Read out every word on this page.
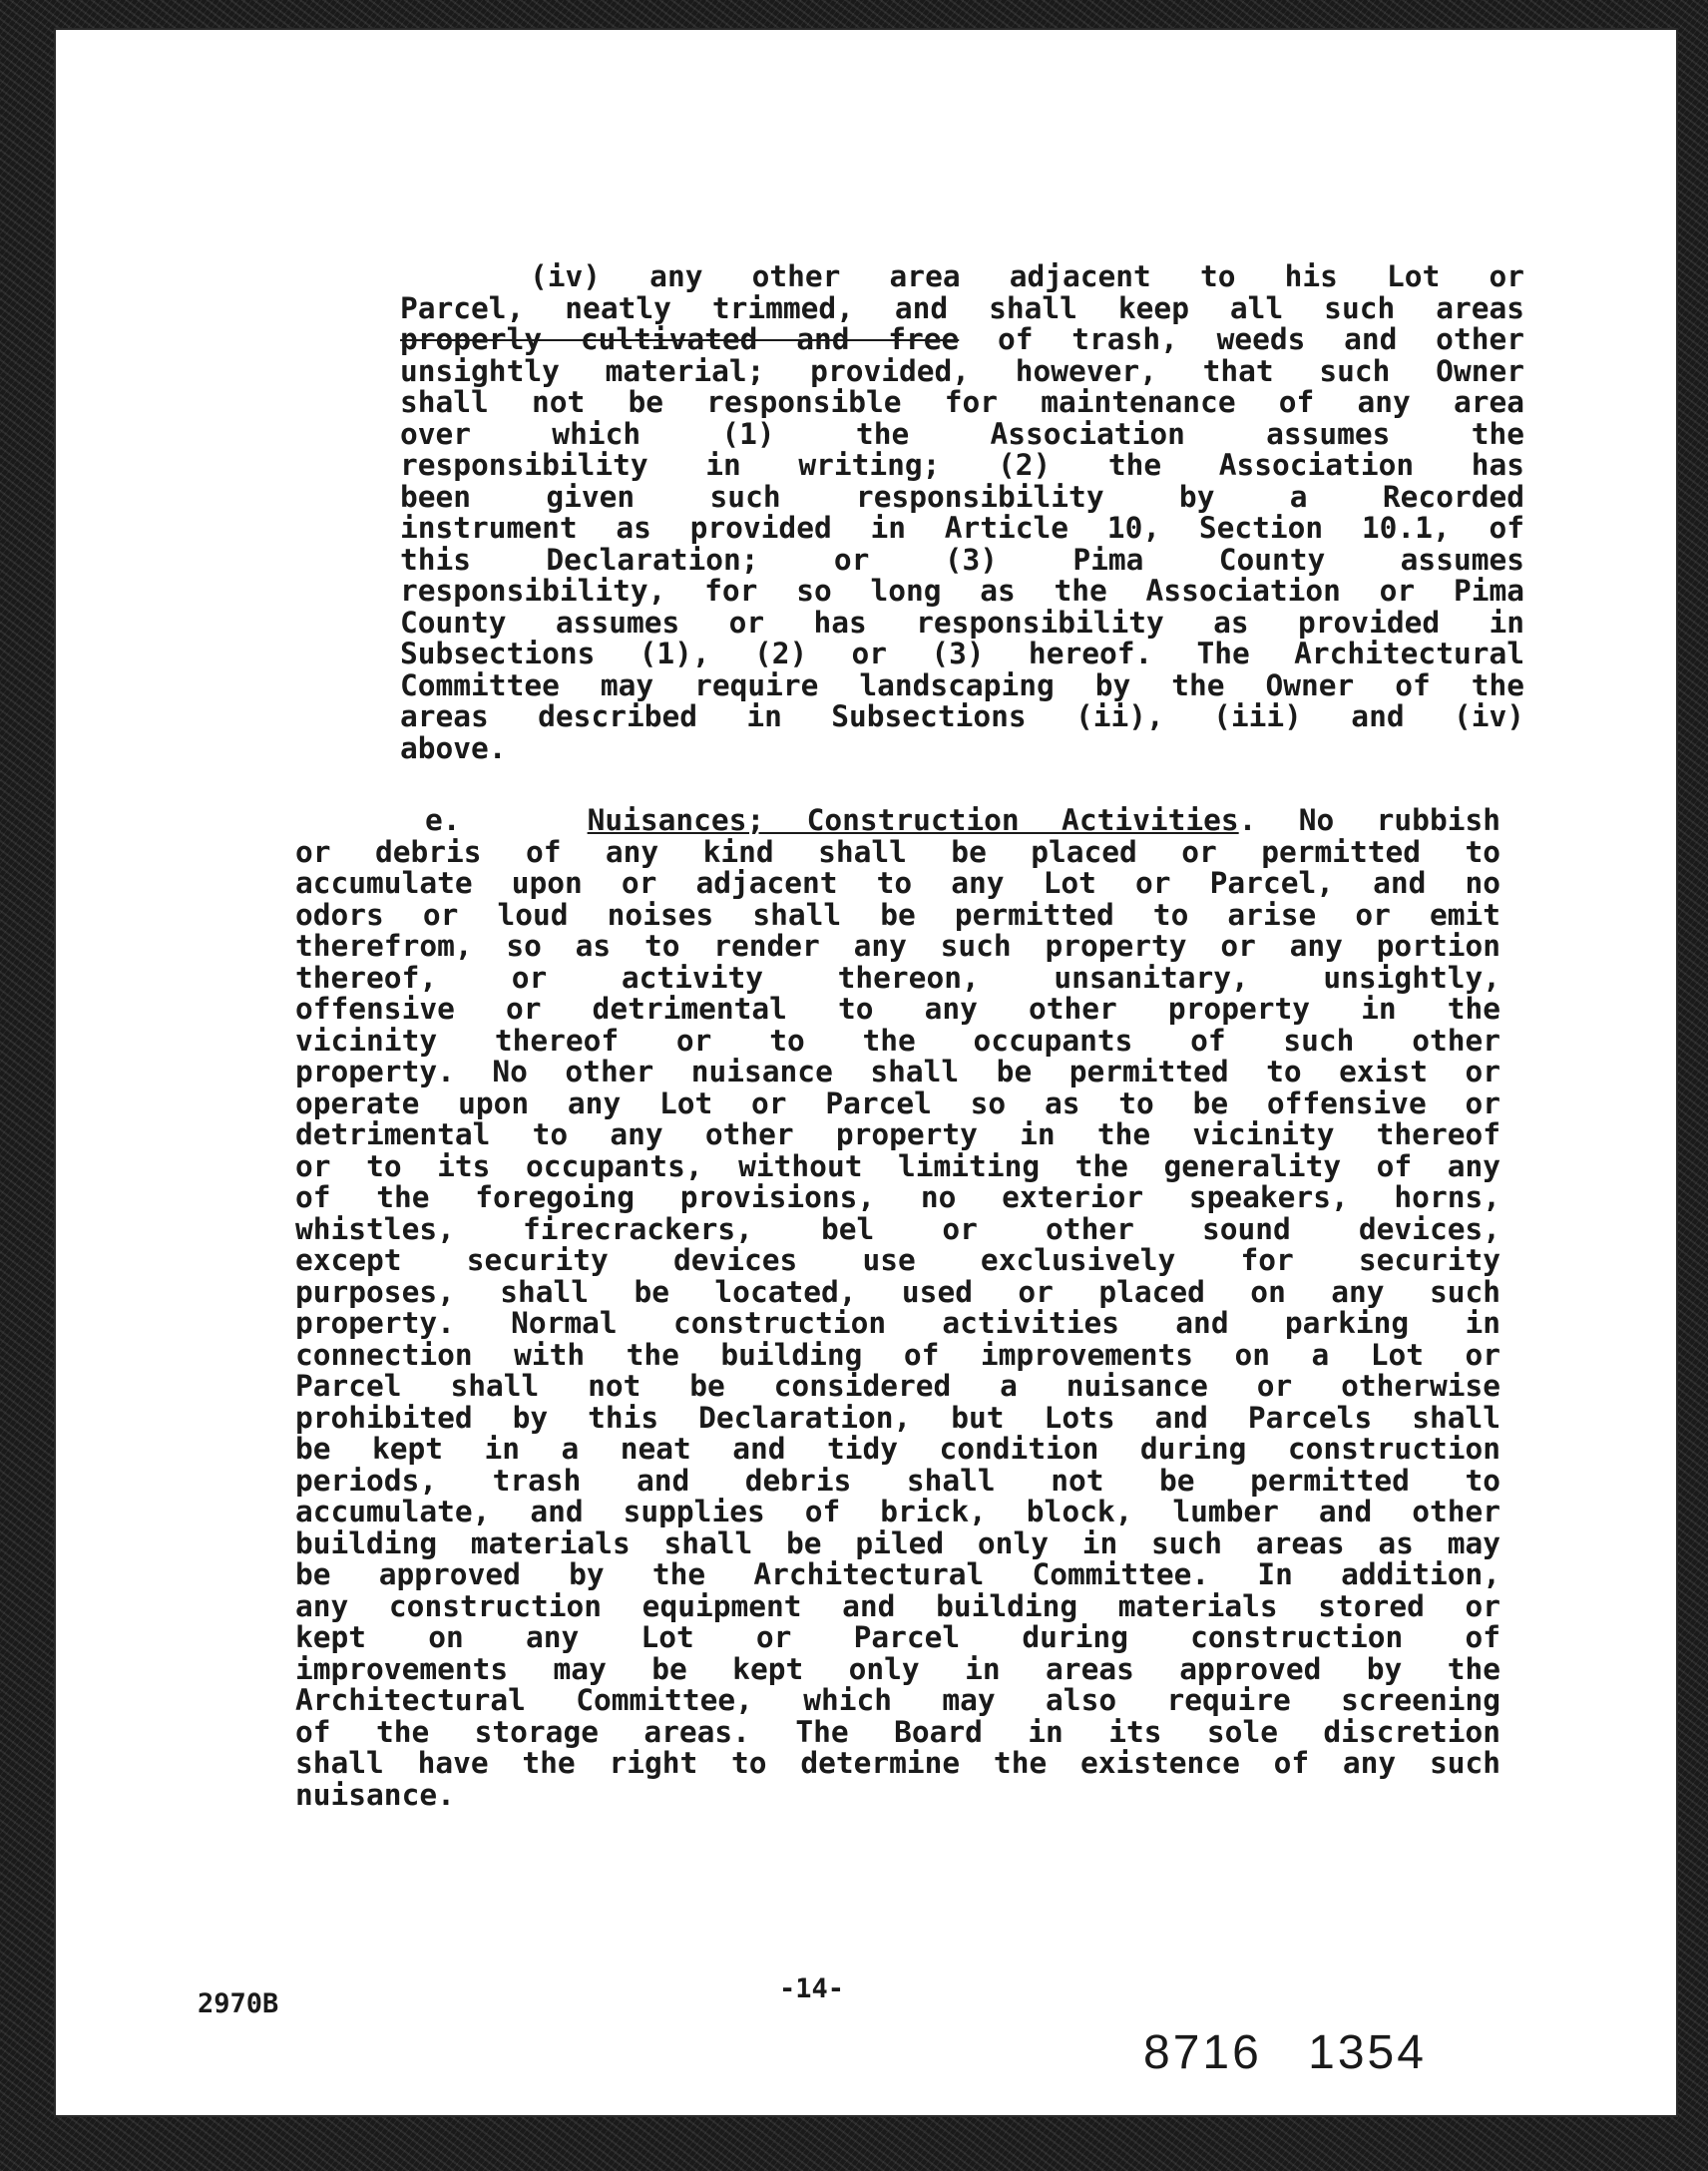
(iv) any other area adjacent to his Lot or
Parcel, neatly trimmed, and shall keep all such areas
properly cultivated and free of trash, weeds and other
unsightly material; provided, however, that such Owner
shall not be responsible for maintenance of any area
over which (1) the Association assumes the
responsibility in writing; (2) the Association has
been given such responsibility by a Recorded
instrument as provided in Article 10, Section 10.1, of
this Declaration; or (3) Pima County assumes
responsibility, for so long as the Association or Pima
County assumes or has responsibility as provided in
Subsections (1), (2) or (3) hereof. The Architectural
Committee may require landscaping by the Owner of the
areas described in Subsections (ii), (iii) and (iv)
above.
e.	Nuisances; Construction Activities. No rubbish
or debris of any kind shall be placed or permitted to
accumulate upon or adjacent to any Lot or Parcel, and no
odors or loud noises shall be permitted to arise or emit
therefrom, so as to render any such property or any portion
thereof, or activity thereon, unsanitary, unsightly,
offensive or detrimental to any other property in the
vicinity thereof or to the occupants of such other
property. No other nuisance shall be permitted to exist or
operate upon any Lot or Parcel so as to be offensive or
detrimental to any other property in the vicinity thereof
or to its occupants, without limiting the generality of any
of the foregoing provisions, no exterior speakers, horns,
whistles, firecrackers, bel or other sound devices,
except security devices use exclusively for security
purposes, shall be located, used or placed on any such
property. Normal construction activities and parking in
connection with the building of improvements on a Lot or
Parcel shall not be considered a nuisance or otherwise
prohibited by this Declaration, but Lots and Parcels shall
be kept in a neat and tidy condition during construction
periods, trash and debris shall not be permitted to
accumulate, and supplies of brick, block, lumber and other
building materials shall be piled only in such areas as may
be approved by the Architectural Committee. In addition,
any construction equipment and building materials stored or
kept on any Lot or Parcel during construction of
improvements may be kept only in areas approved by the
Architectural Committee, which may also require screening
of the storage areas. The Board in its sole discretion
shall have the right to determine the existence of any such
nuisance.
2970B	-14-
8716 1354
